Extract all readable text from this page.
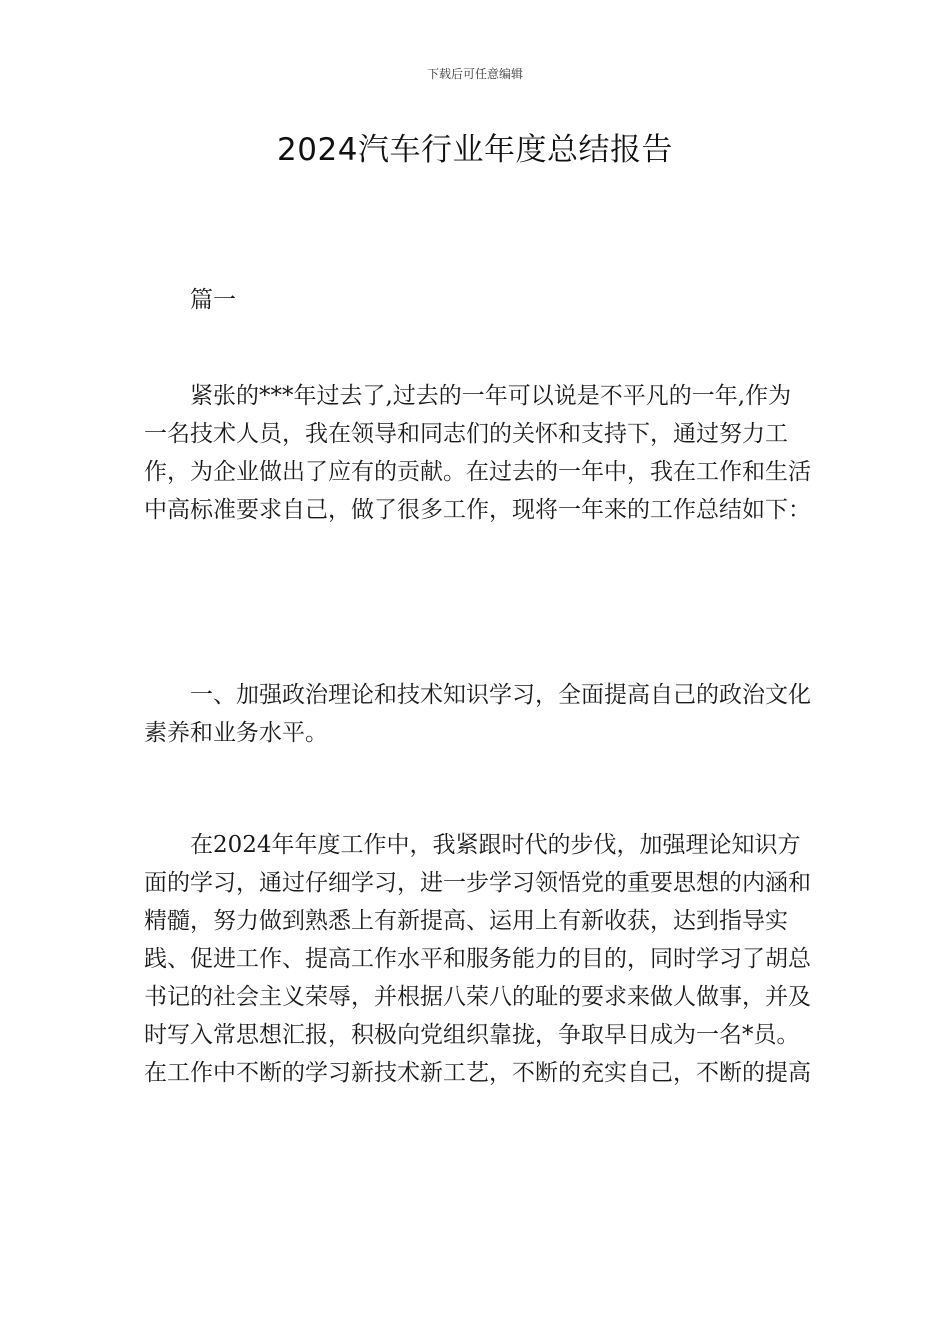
下载后可任意编辑
2024汽车行业年度总结报告

篇一

紧张的***年过去了,过去的一年可以说是不平凡的一年,作为一名技术人员，我在领导和同志们的关怀和支持下，通过努力工作，为企业做出了应有的贡献。在过去的一年中，我在工作和生活中高标准要求自己，做了很多工作，现将一年来的工作总结如下：

一、加强政治理论和技术知识学习，全面提高自己的政治文化素养和业务水平。

在2024年年度工作中，我紧跟时代的步伐，加强理论知识方面的学习，通过仔细学习，进一步学习领悟党的重要思想的内涵和精髓，努力做到熟悉上有新提高、运用上有新收获，达到指导实践、促进工作、提高工作水平和服务能力的目的，同时学习了胡总书记的社会主义荣辱，并根据八荣八的耻的要求来做人做事，并及时写入常思想汇报，积极向党组织靠拢，争取早日成为一名*员。在工作中不断的学习新技术新工艺，不断的充实自己，不断的提高
